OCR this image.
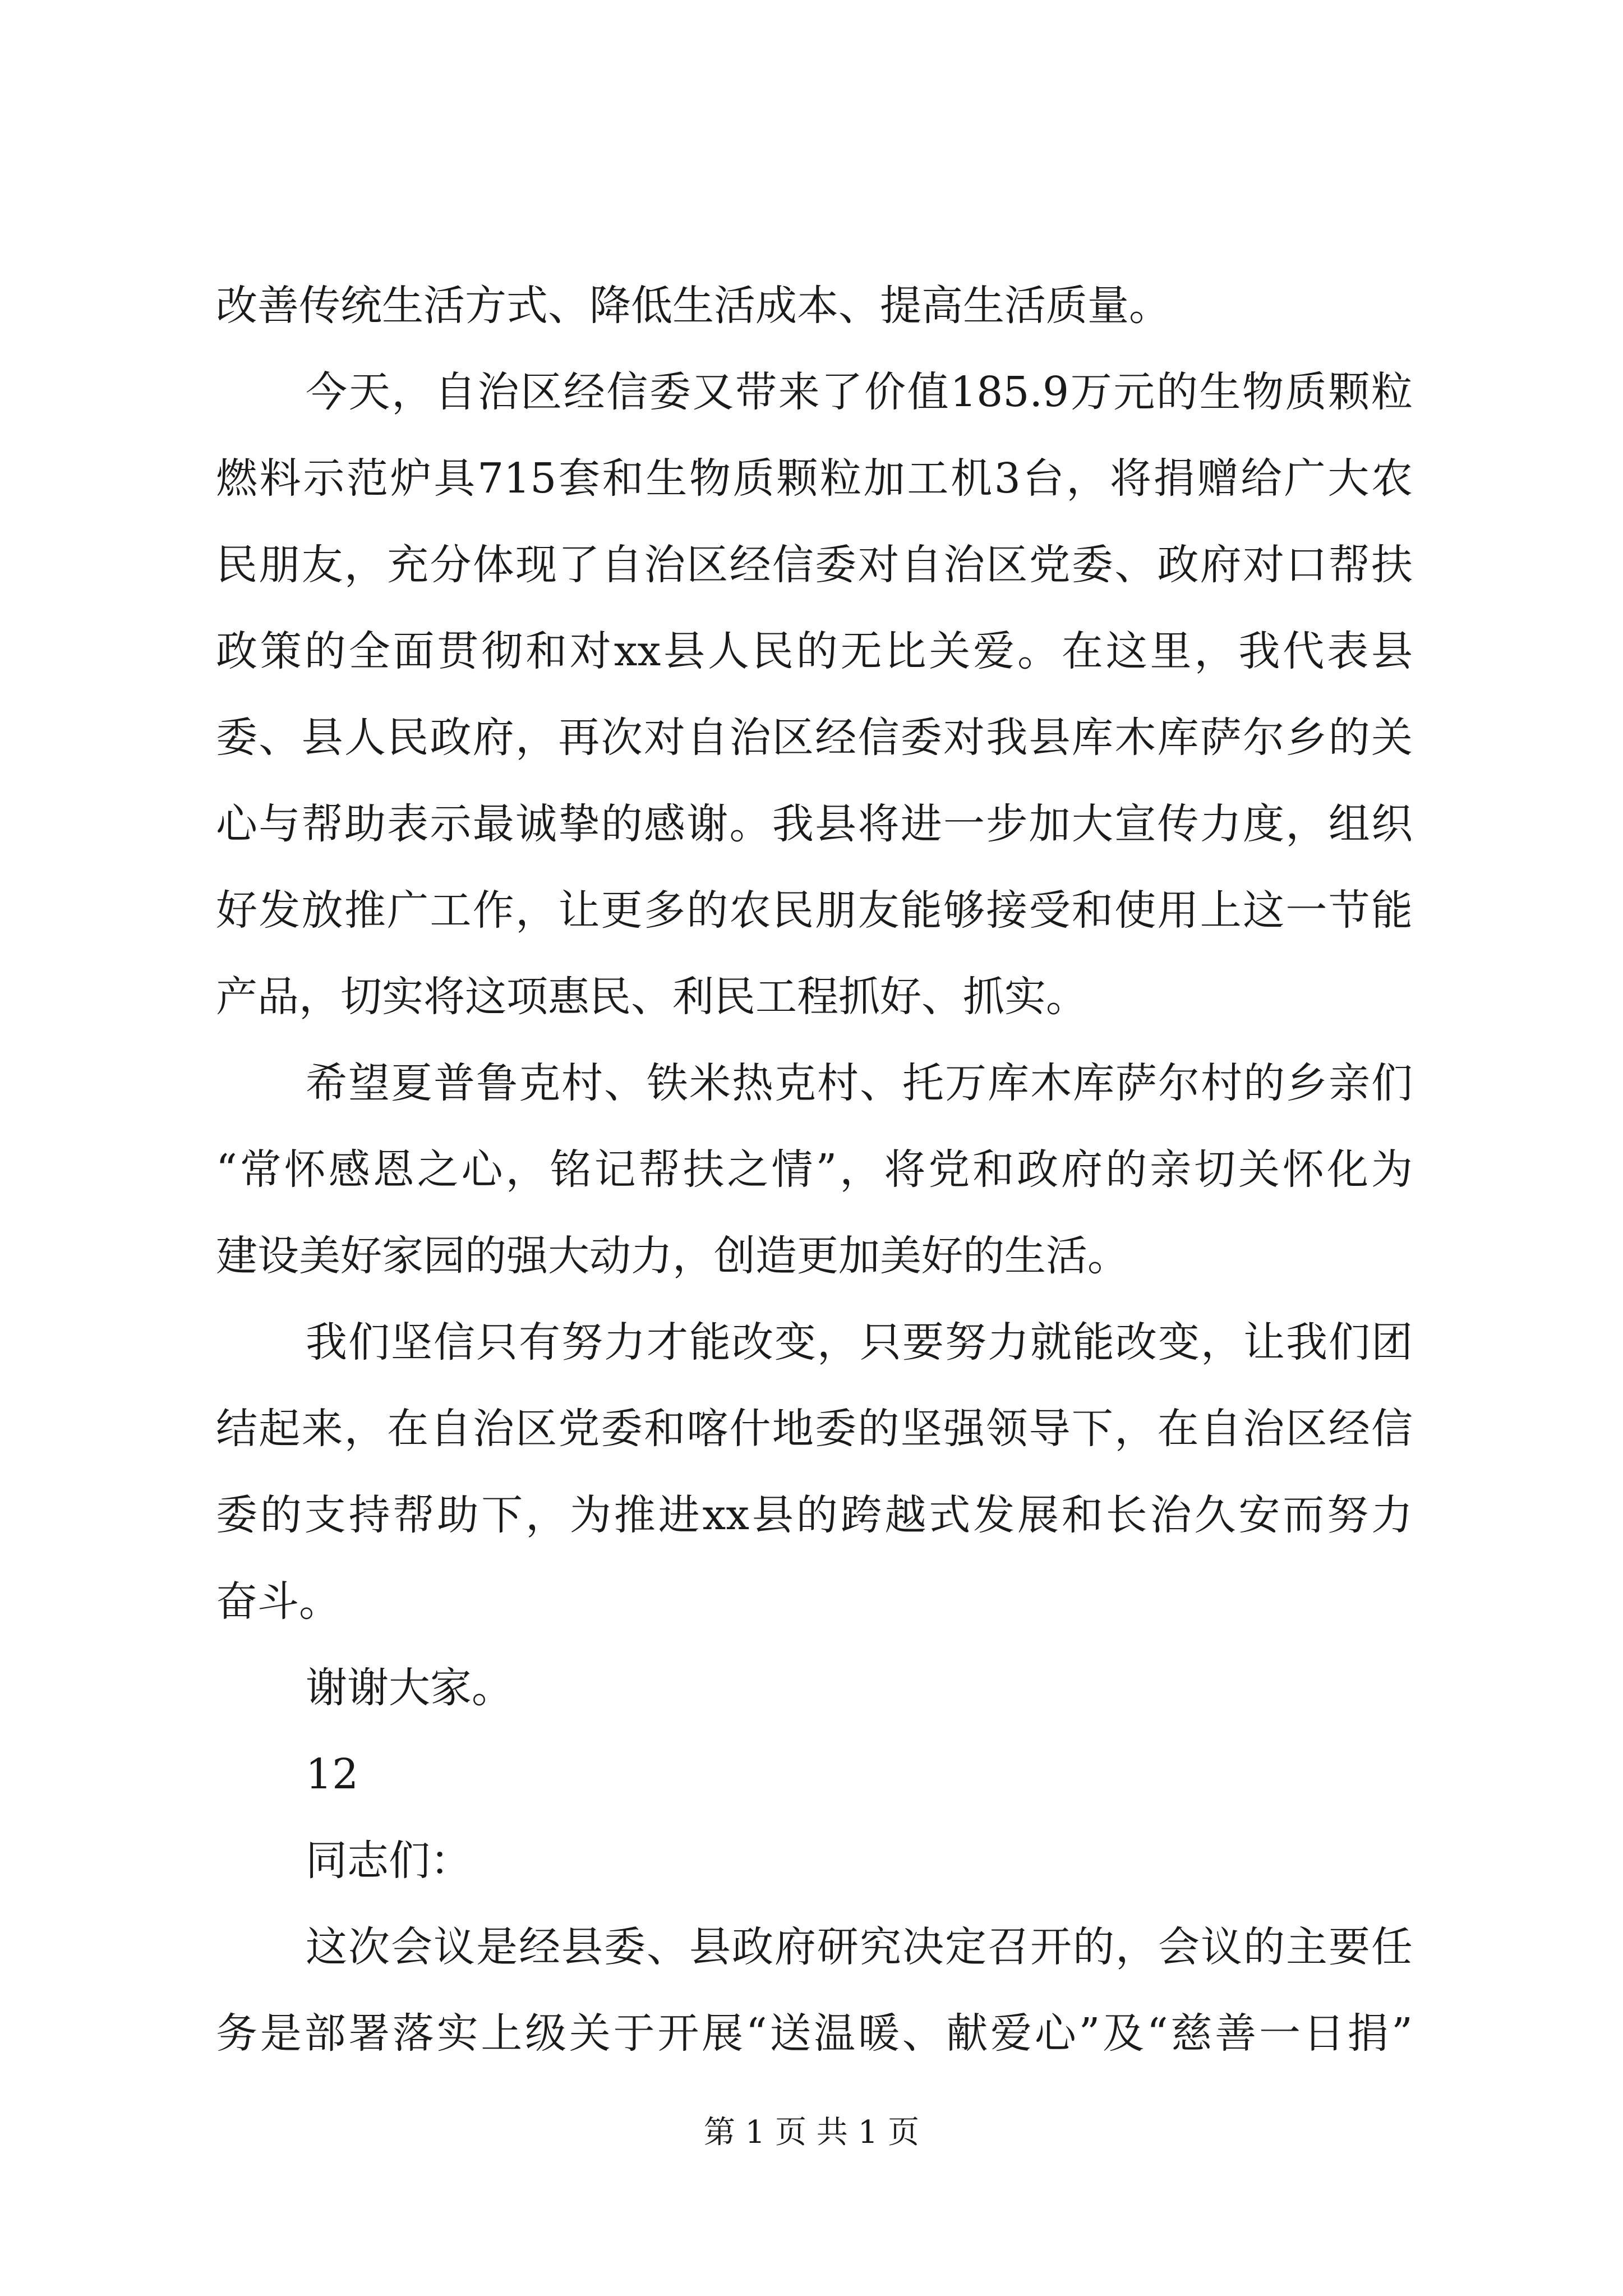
改善传统生活方式、降低生活成本、提高生活质量。
今天，自治区经信委又带来了价值185.9万元的生物质颗粒
燃料示范炉具715套和生物质颗粒加工机3台，将捐赠给广大农
民朋友，充分体现了自治区经信委对自治区党委、政府对口帮扶
政策的全面贯彻和对xx县人民的无比关爱。在这里，我代表县
委、县人民政府，再次对自治区经信委对我县库木库萨尔乡的关
心与帮助表示最诚挚的感谢。我县将进一步加大宣传力度，组织
好发放推广工作，让更多的农民朋友能够接受和使用上这一节能
产品，切实将这项惠民、利民工程抓好、抓实。
希望夏普鲁克村、铁米热克村、托万库木库萨尔村的乡亲们
“常怀感恩之心，铭记帮扶之情”，将党和政府的亲切关怀化为
建设美好家园的强大动力，创造更加美好的生活。
我们坚信只有努力才能改变，只要努力就能改变，让我们团
结起来，在自治区党委和喀什地委的坚强领导下，在自治区经信
委的支持帮助下，为推进xx县的跨越式发展和长治久安而努力
奋斗。
谢谢大家。
12
同志们：
这次会议是经县委、县政府研究决定召开的，会议的主要任
务是部署落实上级关于开展“送温暖、献爱心”及“慈善一日捐”
第 1 页 共 1 页
